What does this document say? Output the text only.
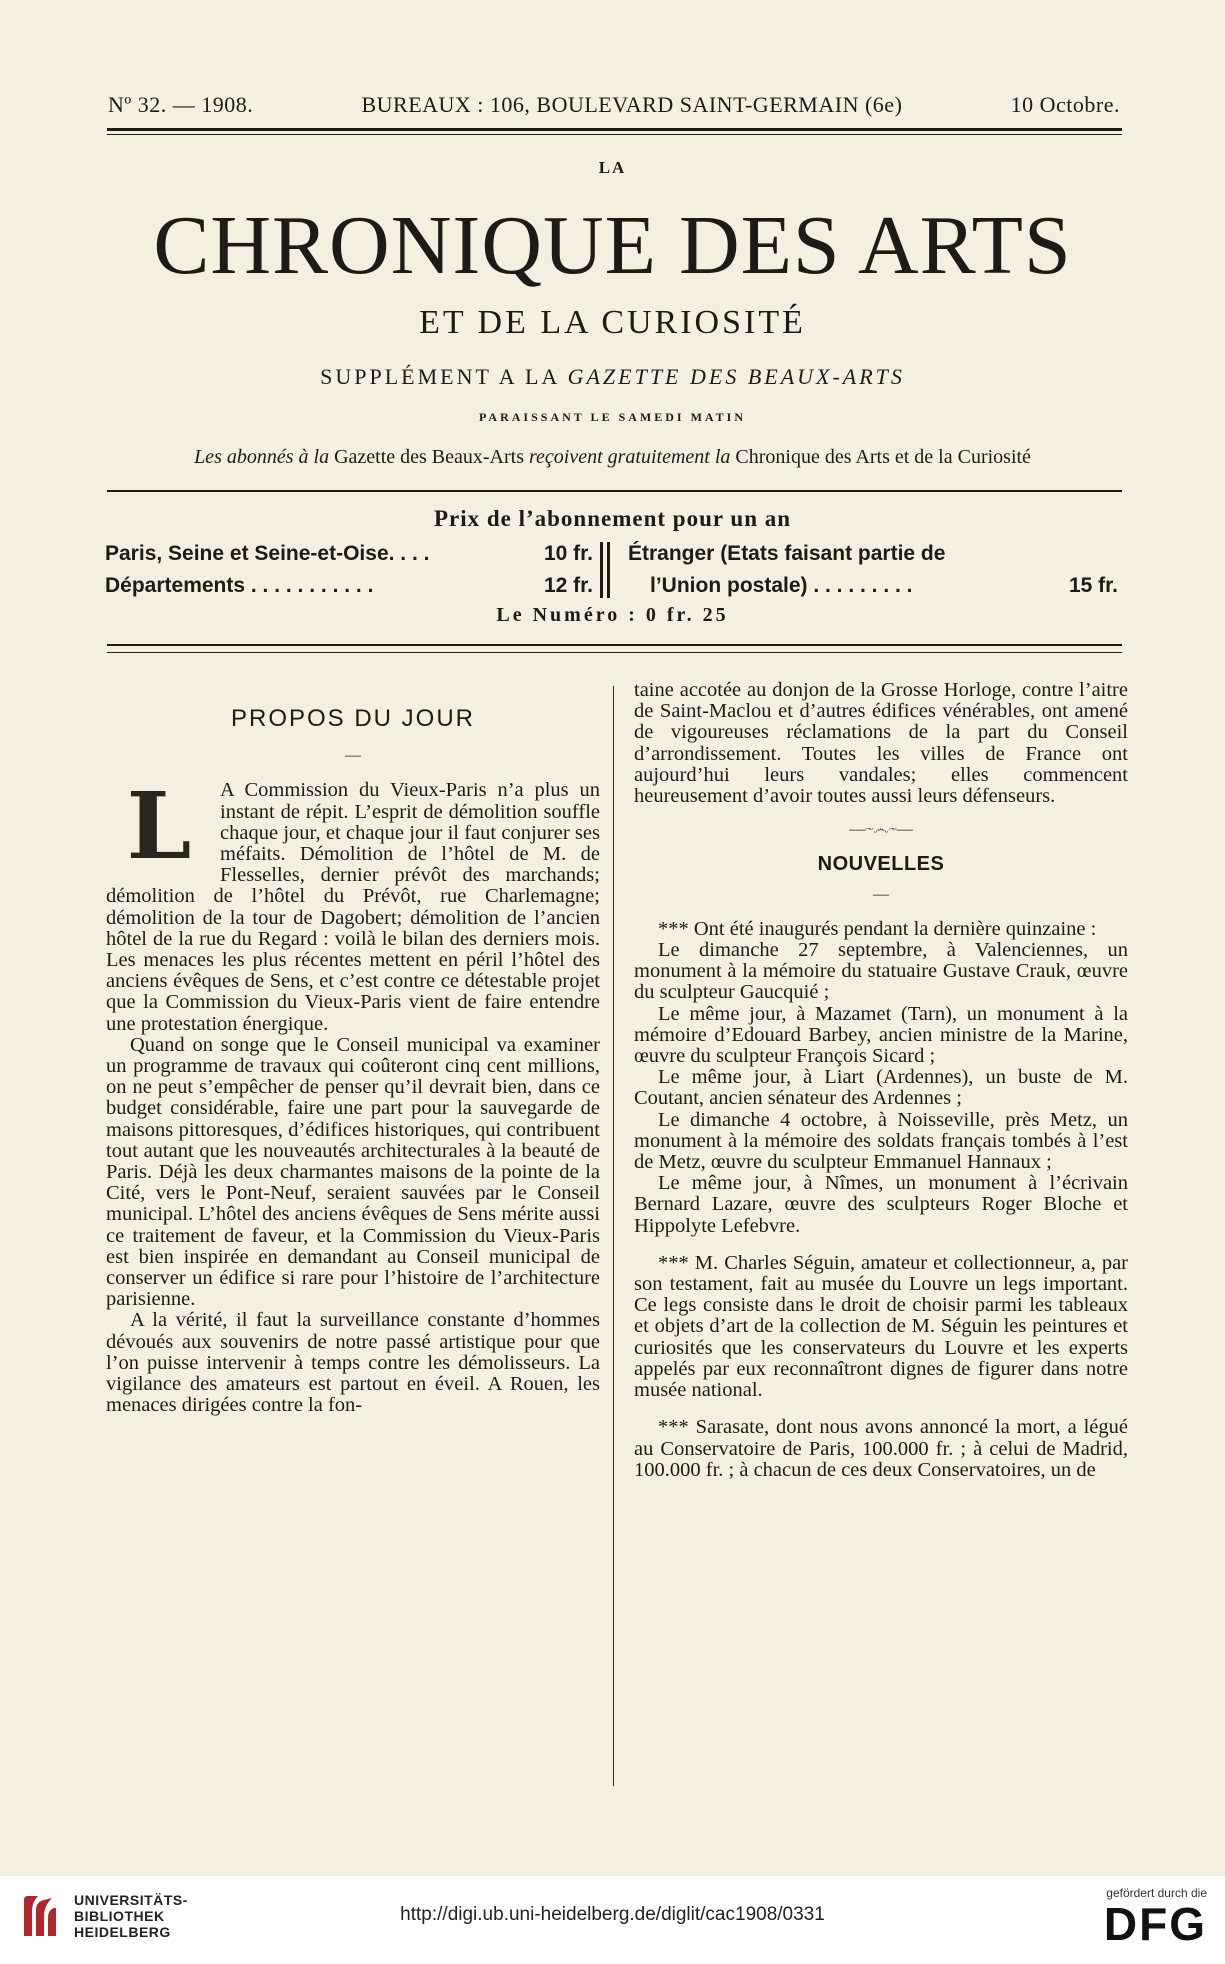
Nº 32. — 1908.	BUREAUX : 106, BOULEVARD SAINT-GERMAIN (6e)	10 Octobre.
LA
CHRONIQUE DES ARTS
ET DE LA CURIOSITÉ
SUPPLÉMENT A LA GAZETTE DES BEAUX-ARTS
PARAISSANT LE SAMEDI MATIN
Les abonnés à la Gazette des Beaux-Arts reçoivent gratuitement la Chronique des Arts et de la Curiosité
Prix de l’abonnement pour un an
Paris, Seine et Seine-et-Oise. . . .	10 fr.
Départements . . . . . . . . . . .	12 fr.
Étranger (Etats faisant partie de
l’Union postale) . . . . . . . . .	15 fr.
Le Numéro : 0 fr. 25
PROPOS DU JOUR
—

L	A Commission du Vieux-Paris n’a plus un instant de répit. L’esprit de démolition souffle chaque jour, et chaque jour il faut conjurer ses méfaits. Démolition de l’hôtel de M. de Flesselles, dernier prévôt des marchands; démolition de l’hôtel du Prévôt, rue Charlemagne; démolition de la tour de Dagobert; démolition de l’ancien hôtel de la rue du Regard : voilà le bilan des derniers mois. Les menaces les plus récentes mettent en péril l’hôtel des anciens évêques de Sens, et c’est contre ce détestable projet que la Commission du Vieux-Paris vient de faire entendre une protestation énergique.

Quand on songe que le Conseil municipal va examiner un programme de travaux qui coûteront cinq cent millions, on ne peut s’empêcher de penser qu’il devrait bien, dans ce budget considérable, faire une part pour la sauvegarde de maisons pittoresques, d’édifices historiques, qui contribuent tout autant que les nouveautés architecturales à la beauté de Paris. Déjà les deux charmantes maisons de la pointe de la Cité, vers le Pont-Neuf, seraient sauvées par le Conseil municipal. L’hôtel des anciens évêques de Sens mérite aussi ce traitement de faveur, et la Commission du Vieux-Paris est bien inspirée en demandant au Conseil municipal de conserver un édifice si rare pour l’histoire de l’architecture parisienne.

A la vérité, il faut la surveillance constante d’hommes dévoués aux souvenirs de notre passé artistique pour que l’on puisse intervenir à temps contre les démolisseurs. La vigilance des amateurs est partout en éveil. A Rouen, les menaces dirigées contre la fon-

taine accotée au donjon de la Grosse Horloge, contre l’aitre de Saint-Maclou et d’autres édifices vénérables, ont amené de vigoureuses réclamations de la part du Conseil d’arrondissement. Toutes les villes de France ont aujourd’hui leurs vandales; elles commencent heureusement d’avoir toutes aussi leurs défenseurs.

—⁓෴⁓—
NOUVELLES
—

*** Ont été inaugurés pendant la dernière quinzaine :

Le dimanche 27 septembre, à Valenciennes, un monument à la mémoire du statuaire Gustave Crauk, œuvre du sculpteur Gaucquié ;

Le même jour, à Mazamet (Tarn), un monument à la mémoire d’Edouard Barbey, ancien ministre de la Marine, œuvre du sculpteur François Sicard ;

Le même jour, à Liart (Ardennes), un buste de M. Coutant, ancien sénateur des Ardennes ;

Le dimanche 4 octobre, à Noisseville, près Metz, un monument à la mémoire des soldats français tombés à l’est de Metz, œuvre du sculpteur Emmanuel Hannaux ;

Le même jour, à Nîmes, un monument à l’écrivain Bernard Lazare, œuvre des sculpteurs Roger Bloche et Hippolyte Lefebvre.

*** M. Charles Séguin, amateur et collectionneur, a, par son testament, fait au musée du Louvre un legs important. Ce legs consiste dans le droit de choisir parmi les tableaux et objets d’art de la collection de M. Séguin les peintures et curiosités que les conservateurs du Louvre et les experts appelés par eux reconnaîtront dignes de figurer dans notre musée national.

*** Sarasate, dont nous avons annoncé la mort, a légué au Conservatoire de Paris, 100.000 fr. ; à celui de Madrid, 100.000 fr. ; à chacun de ces deux Conservatoires, un de

UNIVERSITÄTS-
BIBLIOTHEK
HEIDELBERG
http://digi.ub.uni-heidelberg.de/diglit/cac1908/0331
gefördert durch die
DFG
